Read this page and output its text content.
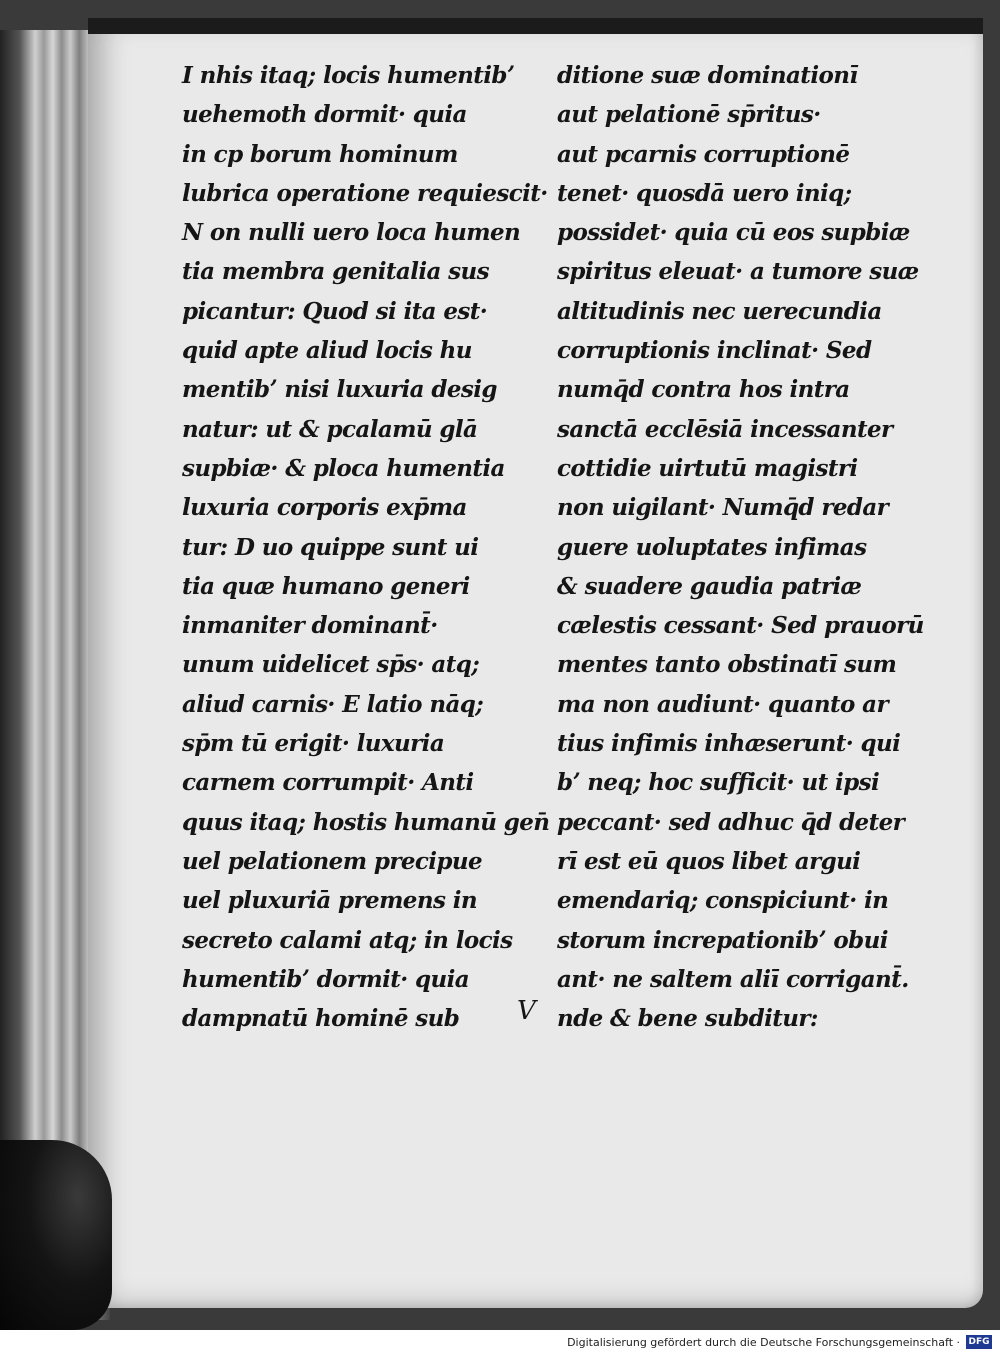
I nhis itaq; locis humentibʼ
uehemoth dormit· quia
in cp borum hominum
lubrica operatione requiescit·
N on nulli uero loca humen
tia membra genitalia sus
picantur: Quod si ita est·
quid apte aliud locis hu
mentibʼ nisi luxuria desig
natur: ut & pcalamū glā
supbiæ· & ploca humentia
luxuria corporis exp̄ma
tur: D uo quippe sunt ui
tia quæ humano generi
inmaniter dominant̄·
unum uidelicet sp̄s· atq;
aliud carnis· E latio nāq;
sp̄m tū erigit· luxuria
carnem corrumpit· Anti
quus itaq; hostis humanū gen̄
uel pelationem precipue
uel pluxuriā premens in
secreto calami atq; in locis
humentibʼ dormit· quia
dampnatū hominē sub
ditione suæ dominationī
aut pelationē sp̄ritus·
aut pcarnis corruptionē
tenet· quosdā uero iniq;
possidet· quia cū eos supbiæ
spiritus eleuat· a tumore suæ
altitudinis nec uerecundia
corruptionis inclinat· Sed
numq̄d contra hos intra
sanctā ecclēsiā incessanter
cottidie uirtutū magistri
non uigilant· Numq̄d redar
guere uoluptates infimas
& suadere gaudia patriæ
cælestis cessant· Sed prauorū
mentes tanto obstinatī sum
ma non audiunt· quanto ar
tius infimis inhæserunt· qui
bʼ neq; hoc sufficit· ut ipsi
peccant· sed adhuc q̄d deter
rī est eū quos libet argui
emendariq; conspiciunt· in
storum increpationibʼ obui
ant· ne saltem aliī corrigant̄.
nde & bene subditur:
V
Digitalisierung gefördert durch die Deutsche Forschungsgemeinschaft · DFG
